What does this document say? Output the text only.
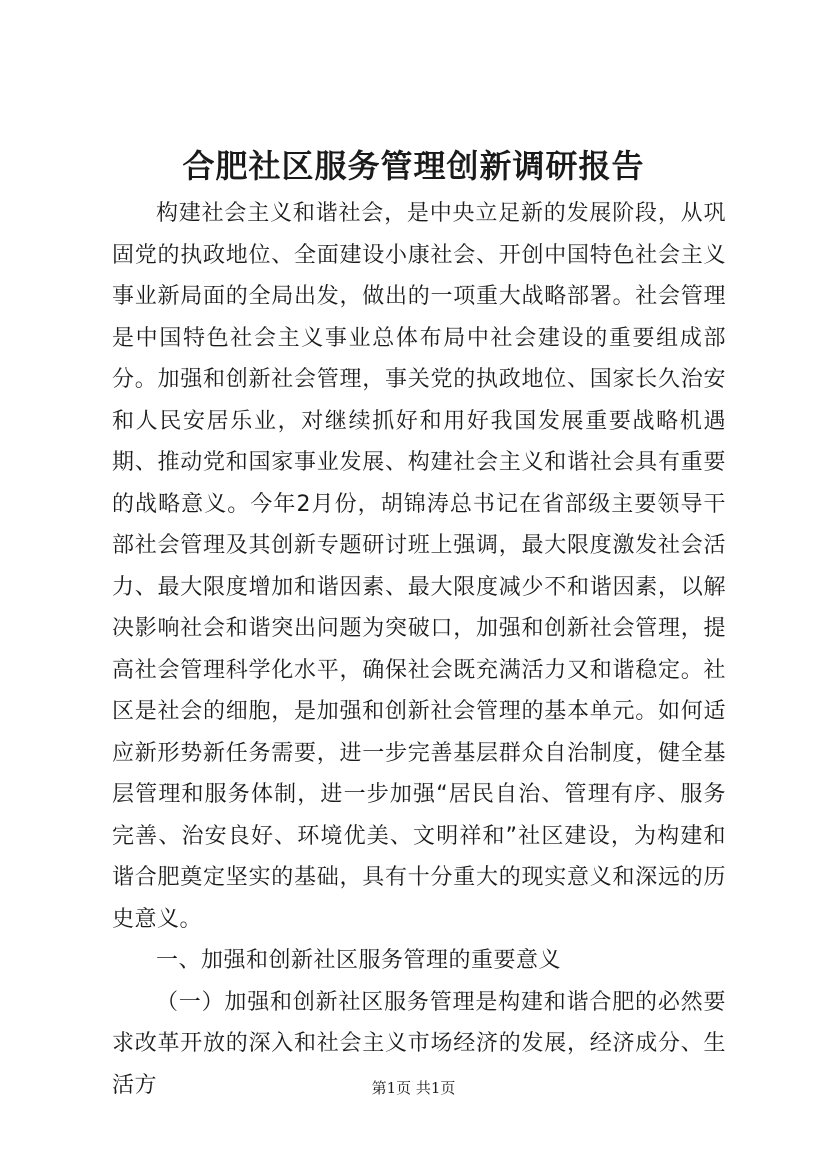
合肥社区服务管理创新调研报告

构建社会主义和谐社会，是中央立足新的发展阶段，从巩固党的执政地位、全面建设小康社会、开创中国特色社会主义事业新局面的全局出发，做出的一项重大战略部署。社会管理是中国特色社会主义事业总体布局中社会建设的重要组成部分。加强和创新社会管理，事关党的执政地位、国家长久治安和人民安居乐业，对继续抓好和用好我国发展重要战略机遇期、推动党和国家事业发展、构建社会主义和谐社会具有重要的战略意义。今年2月份，胡锦涛总书记在省部级主要领导干部社会管理及其创新专题研讨班上强调，最大限度激发社会活力、最大限度增加和谐因素、最大限度减少不和谐因素，以解决影响社会和谐突出问题为突破口，加强和创新社会管理，提高社会管理科学化水平，确保社会既充满活力又和谐稳定。社区是社会的细胞，是加强和创新社会管理的基本单元。如何适应新形势新任务需要，进一步完善基层群众自治制度，健全基层管理和服务体制，进一步加强“居民自治、管理有序、服务完善、治安良好、环境优美、文明祥和”社区建设，为构建和谐合肥奠定坚实的基础，具有十分重大的现实意义和深远的历史意义。

一、加强和创新社区服务管理的重要意义

（一）加强和创新社区服务管理是构建和谐合肥的必然要求改革开放的深入和社会主义市场经济的发展，经济成分、生活方	第1页 共1页
